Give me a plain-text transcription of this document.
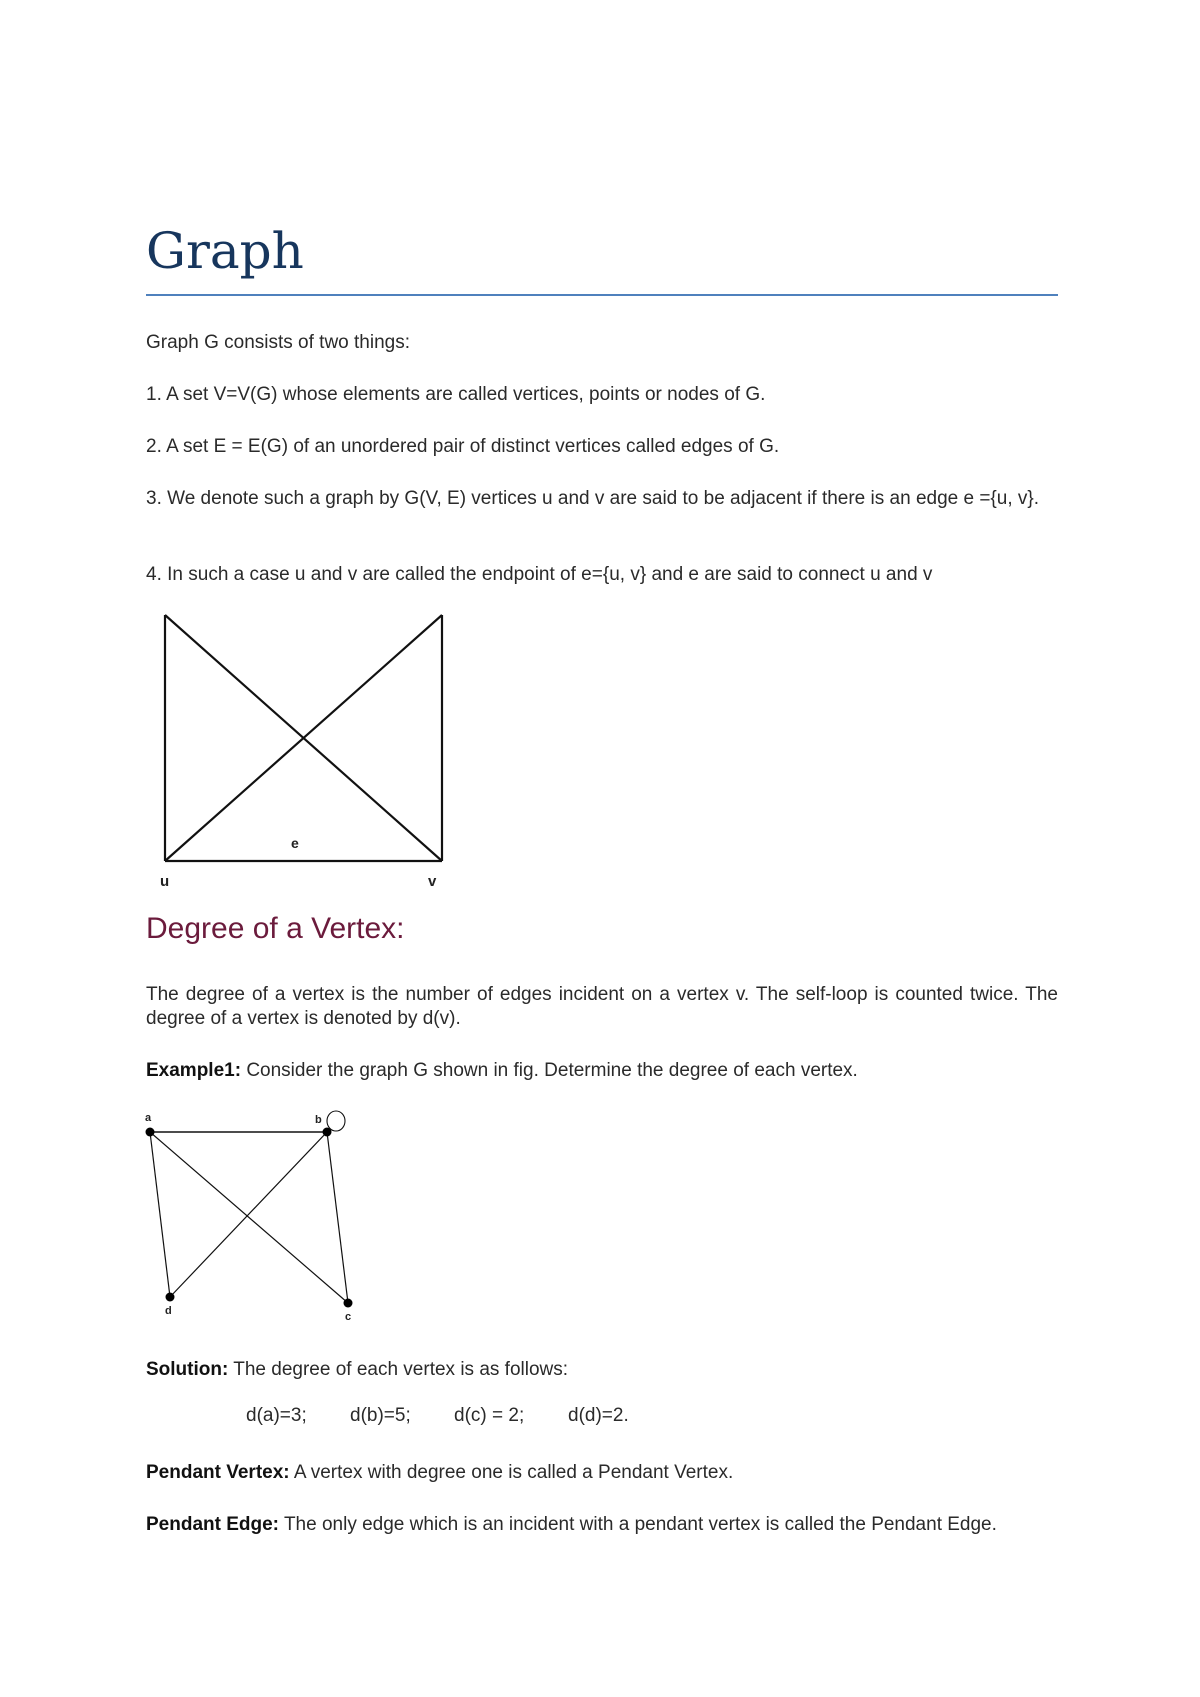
Graph

Graph G consists of two things:

1. A set V=V(G) whose elements are called vertices, points or nodes of G.

2. A set E = E(G) of an unordered pair of distinct vertices called edges of G.

3. We denote such a graph by G(V, E) vertices u and v are said to be adjacent if there is an edge e ={u, v}.

4. In such a case u and v are called the endpoint of e={u, v} and e are said to connect u and v

e
u	v
Degree of a Vertex:

The degree of a vertex is the number of edges incident on a vertex v. The self-loop is counted twice. The degree of a vertex is denoted by d(v).

Example1: Consider the graph G shown in fig. Determine the degree of each vertex.

a	b
d	c

Solution: The degree of each vertex is as follows:

d(a)=3; d(b)=5; d(c) = 2; d(d)=2.

Pendant Vertex: A vertex with degree one is called a Pendant Vertex.

Pendant Edge: The only edge which is an incident with a pendant vertex is called the Pendant Edge.
